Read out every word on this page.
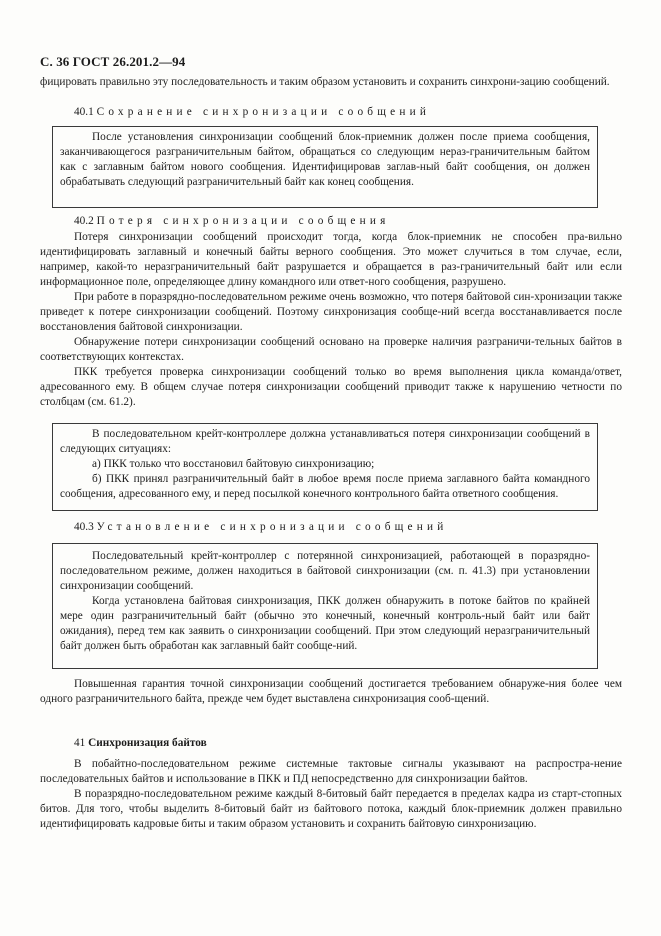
С. 36 ГОСТ 26.201.2—94

фицировать правильно эту последовательность и таким образом установить и сохранить синхрони-зацию сообщений.

40.1 Сохранение синхронизации сообщений

После установления синхронизации сообщений блок-приемник должен после приема сообщения, заканчивающегося разграничительным байтом, обращаться со следующим нераз-граничительным байтом как с заглавным байтом нового сообщения. Идентифицировав заглав-ный байт сообщения, он должен обрабатывать следующий разграничительный байт как конец сообщения.

40.2 Потеря синхронизации сообщения

Потеря синхронизации сообщений происходит тогда, когда блок-приемник не способен пра-вильно идентифицировать заглавный и конечный байты верного сообщения. Это может случиться в том случае, если, например, какой-то неразграничительный байт разрушается и обращается в раз-граничительный байт или если информационное поле, определяющее длину командного или ответ-ного сообщения, разрушено.

При работе в поразрядно-последовательном режиме очень возможно, что потеря байтовой син-хронизации также приведет к потере синхронизации сообщений. Поэтому синхронизация сообще-ний всегда восстанавливается после восстановления байтовой синхронизации.

Обнаружение потери синхронизации сообщений основано на проверке наличия разграничи-тельных байтов в соответствующих контекстах.

ПКК требуется проверка синхронизации сообщений только во время выполнения цикла команда/ответ, адресованного ему. В общем случае потеря синхронизации сообщений приводит также к нарушению четности по столбцам (см. 61.2).

В последовательном крейт-контроллере должна устанавливаться потеря синхронизации сообщений в следующих ситуациях:

а) ПКК только что восстановил байтовую синхронизацию;

б) ПКК принял разграничительный байт в любое время после приема заглавного байта командного сообщения, адресованного ему, и перед посылкой конечного контрольного байта ответного сообщения.

40.3 Установление синхронизации сообщений

Последовательный крейт-контроллер с потерянной синхронизацией, работающей в поразрядно-последовательном режиме, должен находиться в байтовой синхронизации (см. п. 41.3) при установлении синхронизации сообщений.

Когда установлена байтовая синхронизация, ПКК должен обнаружить в потоке байтов по крайней мере один разграничительный байт (обычно это конечный, конечный контроль-ный байт или байт ожидания), перед тем как заявить о синхронизации сообщений. При этом следующий неразграничительный байт должен быть обработан как заглавный байт сообще-ний.

Повышенная гарантия точной синхронизации сообщений достигается требованием обнаруже-ния более чем одного разграничительного байта, прежде чем будет выставлена синхронизация сооб-щений.

41 Синхронизация байтов

В побайтно-последовательном режиме системные тактовые сигналы указывают на распростра-нение последовательных байтов и использование в ПКК и ПД непосредственно для синхронизации байтов.

В поразрядно-последовательном режиме каждый 8-битовый байт передается в пределах кадра из старт-стопных битов. Для того, чтобы выделить 8-битовый байт из байтового потока, каждый блок-приемник должен правильно идентифицировать кадровые биты и таким образом установить и сохранить байтовую синхронизацию.
